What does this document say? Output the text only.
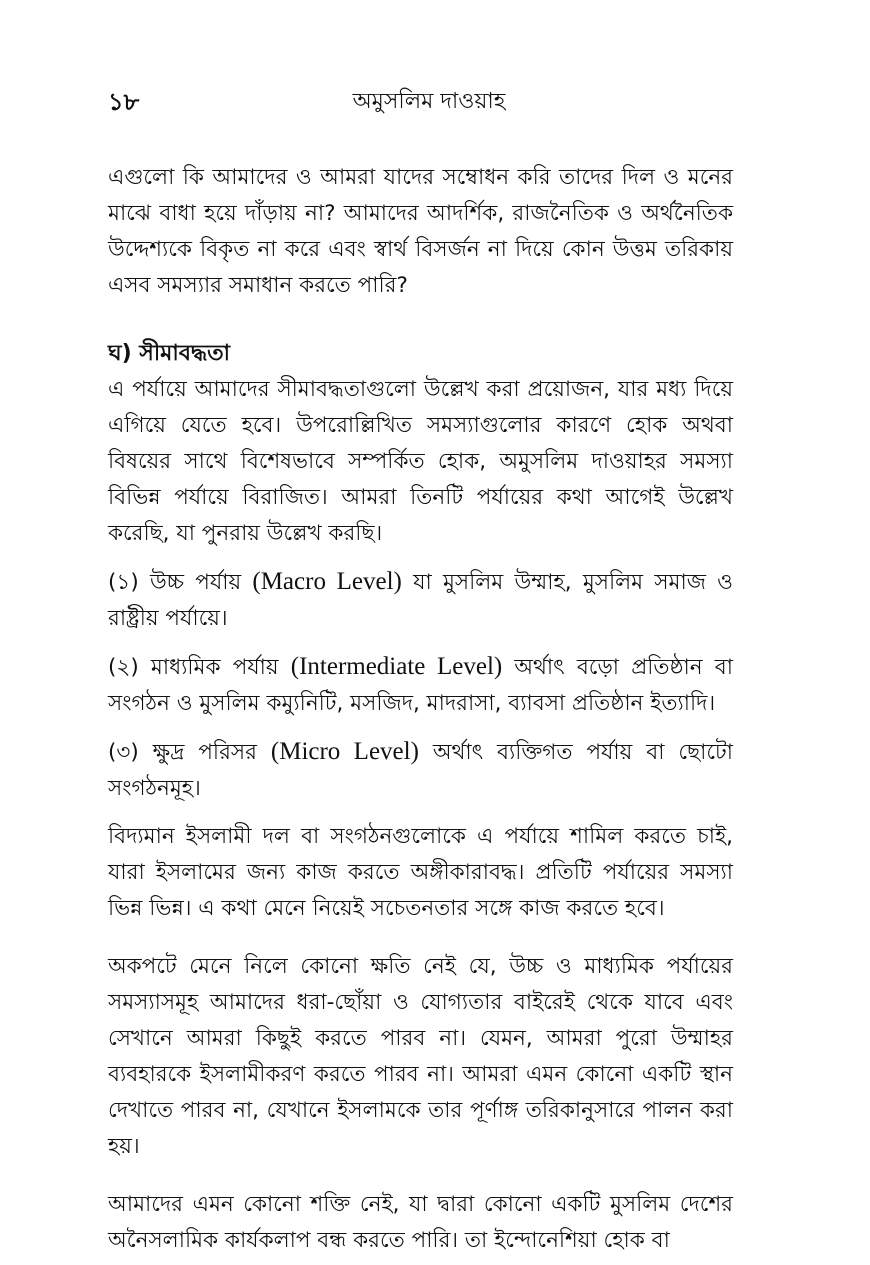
১৮	অমুসলিম দাওয়াহ

এগুলো কি আমাদের ও আমরা যাদের সম্বোধন করি তাদের দিল ও মনের মাঝে বাধা হয়ে দাঁড়ায় না? আমাদের আদর্শিক, রাজনৈতিক ও অর্থনৈতিক উদ্দেশ্যকে বিকৃত না করে এবং স্বার্থ বিসর্জন না দিয়ে কোন উত্তম তরিকায় এসব সমস্যার সমাধান করতে পারি?

ঘ) সীমাবদ্ধতা

এ পর্যায়ে আমাদের সীমাবদ্ধতাগুলো উল্লেখ করা প্রয়োজন, যার মধ্য দিয়ে এগিয়ে যেতে হবে। উপরোল্লিখিত সমস্যাগুলোর কারণে হোক অথবা বিষয়ের সাথে বিশেষভাবে সম্পর্কিত হোক, অমুসলিম দাওয়াহর সমস্যা বিভিন্ন পর্যায়ে বিরাজিত। আমরা তিনটি পর্যায়ের কথা আগেই উল্লেখ করেছি, যা পুনরায় উল্লেখ করছি।

(১) উচ্চ পর্যায় (Macro Level) যা মুসলিম উম্মাহ, মুসলিম সমাজ ও রাষ্ট্রীয় পর্যায়ে।

(২) মাধ্যমিক পর্যায় (Intermediate Level) অর্থাৎ বড়ো প্রতিষ্ঠান বা সংগঠন ও মুসলিম কম্যুনিটি, মসজিদ, মাদরাসা, ব্যাবসা প্রতিষ্ঠান ইত্যাদি।

(৩) ক্ষুদ্র পরিসর (Micro Level) অর্থাৎ ব্যক্তিগত পর্যায় বা ছোটো সংগঠনমূহ।

বিদ্যমান ইসলামী দল বা সংগঠনগুলোকে এ পর্যায়ে শামিল করতে চাই, যারা ইসলামের জন্য কাজ করতে অঙ্গীকারাবদ্ধ। প্রতিটি পর্যায়ের সমস্যা ভিন্ন ভিন্ন। এ কথা মেনে নিয়েই সচেতনতার সঙ্গে কাজ করতে হবে।

অকপটে মেনে নিলে কোনো ক্ষতি নেই যে, উচ্চ ও মাধ্যমিক পর্যায়ের সমস্যাসমূহ আমাদের ধরা-ছোঁয়া ও যোগ্যতার বাইরেই থেকে যাবে এবং সেখানে আমরা কিছুই করতে পারব না। যেমন, আমরা পুরো উম্মাহর ব্যবহারকে ইসলামীকরণ করতে পারব না। আমরা এমন কোনো একটি স্থান দেখাতে পারব না, যেখানে ইসলামকে তার পূর্ণাঙ্গ তরিকানুসারে পালন করা হয়।

আমাদের এমন কোনো শক্তি নেই, যা দ্বারা কোনো একটি মুসলিম দেশের অনৈসলামিক কার্যকলাপ বন্ধ করতে পারি। তা ইন্দোনেশিয়া হোক বা
